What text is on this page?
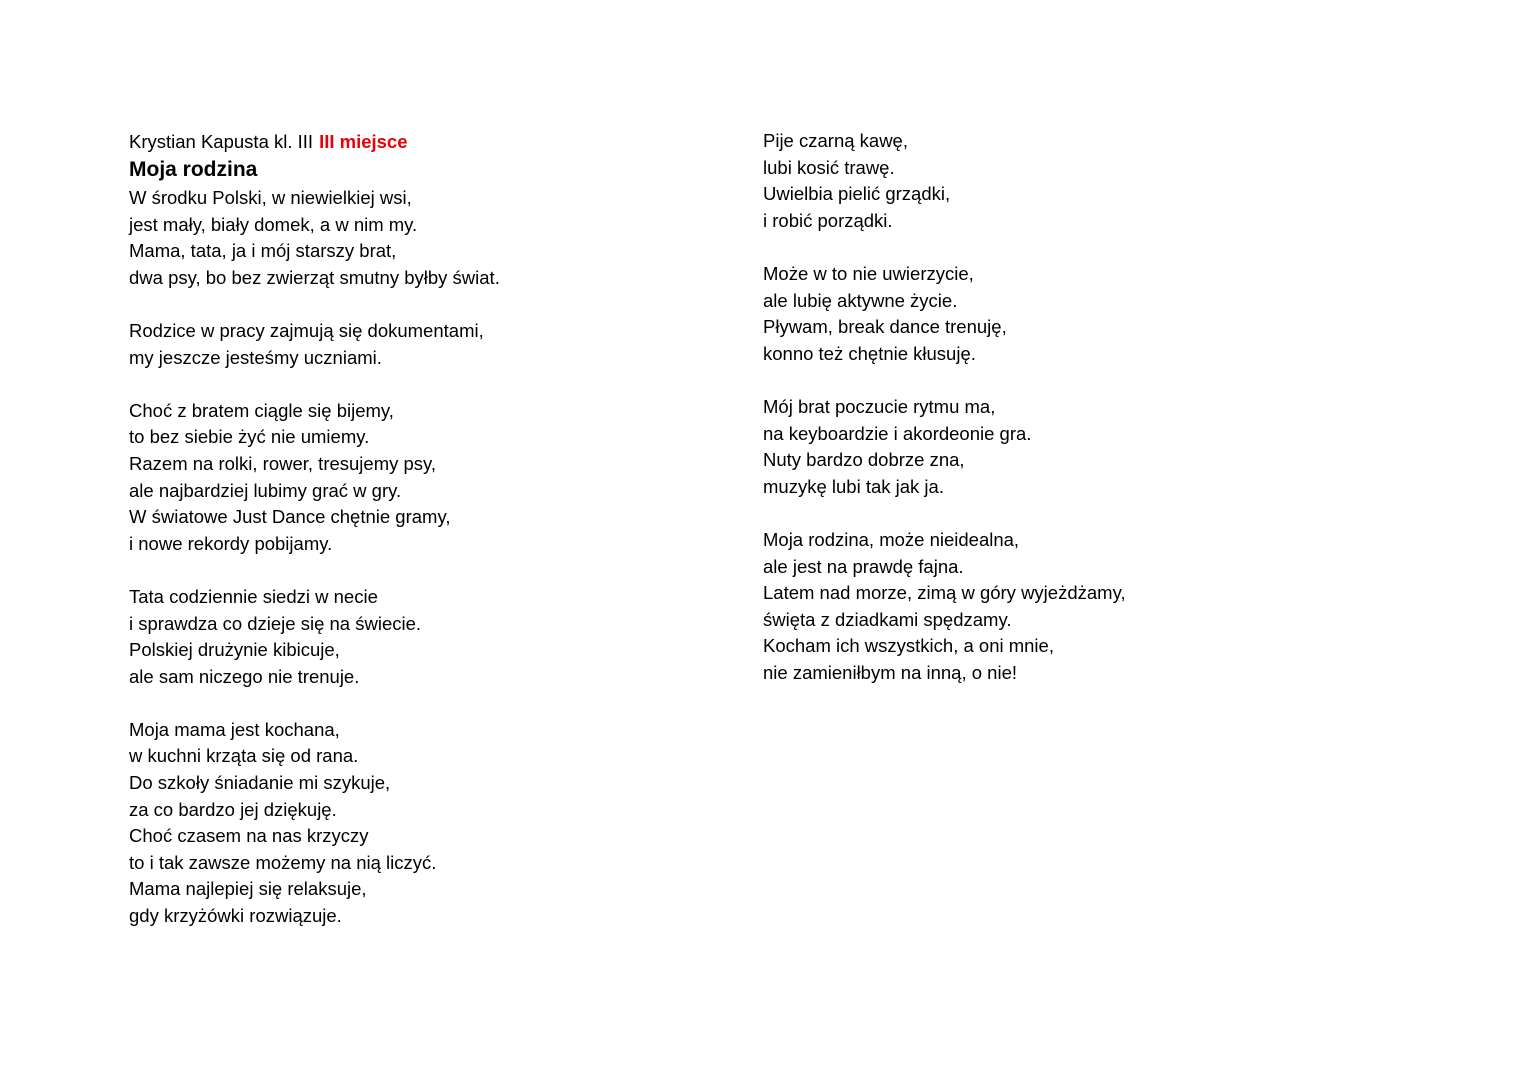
Krystian Kapusta kl. III III miejsce
Moja rodzina
W środku Polski, w niewielkiej wsi,
jest mały, biały domek, a w nim my.
Mama, tata, ja i mój starszy brat,
dwa psy, bo bez zwierząt smutny byłby świat.
Rodzice w pracy zajmują się dokumentami,
my jeszcze jesteśmy uczniami.
Choć z bratem ciągle się bijemy,
to bez siebie żyć nie umiemy.
Razem na rolki, rower, tresujemy psy,
ale najbardziej lubimy grać w gry.
W światowe Just Dance chętnie gramy,
i nowe rekordy pobijamy.
Tata codziennie siedzi w necie
i sprawdza co dzieje się na świecie.
Polskiej drużynie kibicuje,
ale sam niczego nie trenuje.
Moja mama jest kochana,
w kuchni krząta się od rana.
Do szkoły śniadanie mi szykuje,
za co bardzo jej dziękuję.
Choć czasem na nas krzyczy
to i tak zawsze możemy na nią liczyć.
Mama najlepiej się relaksuje,
gdy krzyżówki rozwiązuje.
Pije czarną kawę,
lubi kosić trawę.
Uwielbia pielić grządki,
i robić porządki.
Może w to nie uwierzycie,
ale lubię aktywne życie.
Pływam, break dance trenuję,
konno też chętnie kłusuję.
Mój brat poczucie rytmu ma,
na keyboardzie i akordeonie gra.
Nuty bardzo dobrze zna,
muzykę lubi tak jak ja.
Moja rodzina, może nieidealna,
ale jest na prawdę fajna.
Latem nad morze, zimą w góry wyjeżdżamy,
święta z dziadkami spędzamy.
Kocham ich wszystkich, a oni mnie,
nie zamieniłbym na inną, o nie!
